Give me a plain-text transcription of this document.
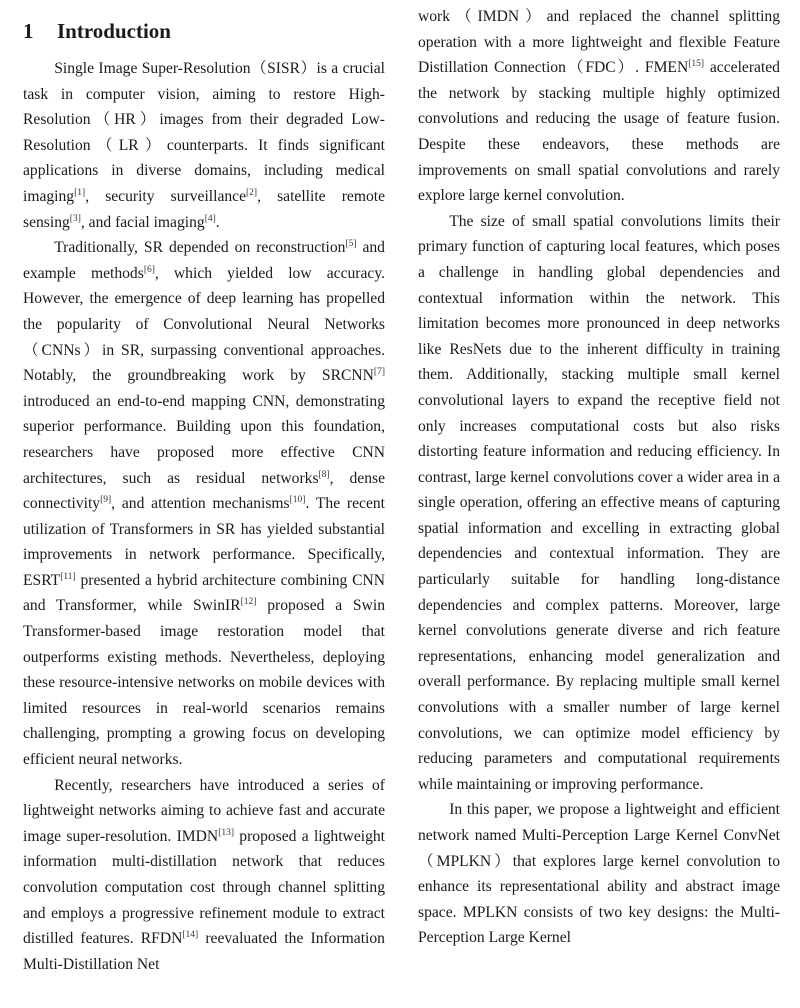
1 Introduction

Single Image Super-Resolution（SISR）is a crucial task in computer vision, aiming to restore High-Resolution（HR）images from their degraded Low-Resolution（LR）counterparts. It finds significant applications in diverse domains, including medical imaging[1], security surveillance[2], satellite remote sensing[3], and facial imaging[4].

Traditionally, SR depended on reconstruction[5] and example methods[6], which yielded low accuracy. However, the emergence of deep learning has propelled the popularity of Convolutional Neural Networks（CNNs）in SR, surpassing conventional approaches. Notably, the groundbreaking work by SRCNN[7] introduced an end-to-end mapping CNN, demonstrating superior performance. Building upon this foundation, researchers have proposed more effective CNN architectures, such as residual networks[8], dense connectivity[9], and attention mechanisms[10]. The recent utilization of Transformers in SR has yielded substantial improvements in network performance. Specifically, ESRT[11] presented a hybrid architecture combining CNN and Transformer, while SwinIR[12] proposed a Swin Transformer-based image restoration model that outperforms existing methods. Nevertheless, deploying these resource-intensive networks on mobile devices with limited resources in real-world scenarios remains challenging, prompting a growing focus on developing efficient neural networks.

Recently, researchers have introduced a series of lightweight networks aiming to achieve fast and accurate image super-resolution. IMDN[13] proposed a lightweight information multi-distillation network that reduces convolution computation cost through channel splitting and employs a progressive refinement module to extract distilled features. RFDN[14] reevaluated the Information Multi-Distillation Net

work（IMDN）and replaced the channel splitting operation with a more lightweight and flexible Feature Distillation Connection（FDC）. FMEN[15] accelerated the network by stacking multiple highly optimized convolutions and reducing the usage of feature fusion. Despite these endeavors, these methods are improvements on small spatial convolutions and rarely explore large kernel convolution.

The size of small spatial convolutions limits their primary function of capturing local features, which poses a challenge in handling global dependencies and contextual information within the network. This limitation becomes more pronounced in deep networks like ResNets due to the inherent difficulty in training them. Additionally, stacking multiple small kernel convolutional layers to expand the receptive field not only increases computational costs but also risks distorting feature information and reducing efficiency. In contrast, large kernel convolutions cover a wider area in a single operation, offering an effective means of capturing spatial information and excelling in extracting global dependencies and contextual information. They are particularly suitable for handling long-distance dependencies and complex patterns. Moreover, large kernel convolutions generate diverse and rich feature representations, enhancing model generalization and overall performance. By replacing multiple small kernel convolutions with a smaller number of large kernel convolutions, we can optimize model efficiency by reducing parameters and computational requirements while maintaining or improving performance.

In this paper, we propose a lightweight and efficient network named Multi-Perception Large Kernel ConvNet（MPLKN）that explores large kernel convolution to enhance its representational ability and abstract image space. MPLKN consists of two key designs: the Multi-Perception Large Kernel
